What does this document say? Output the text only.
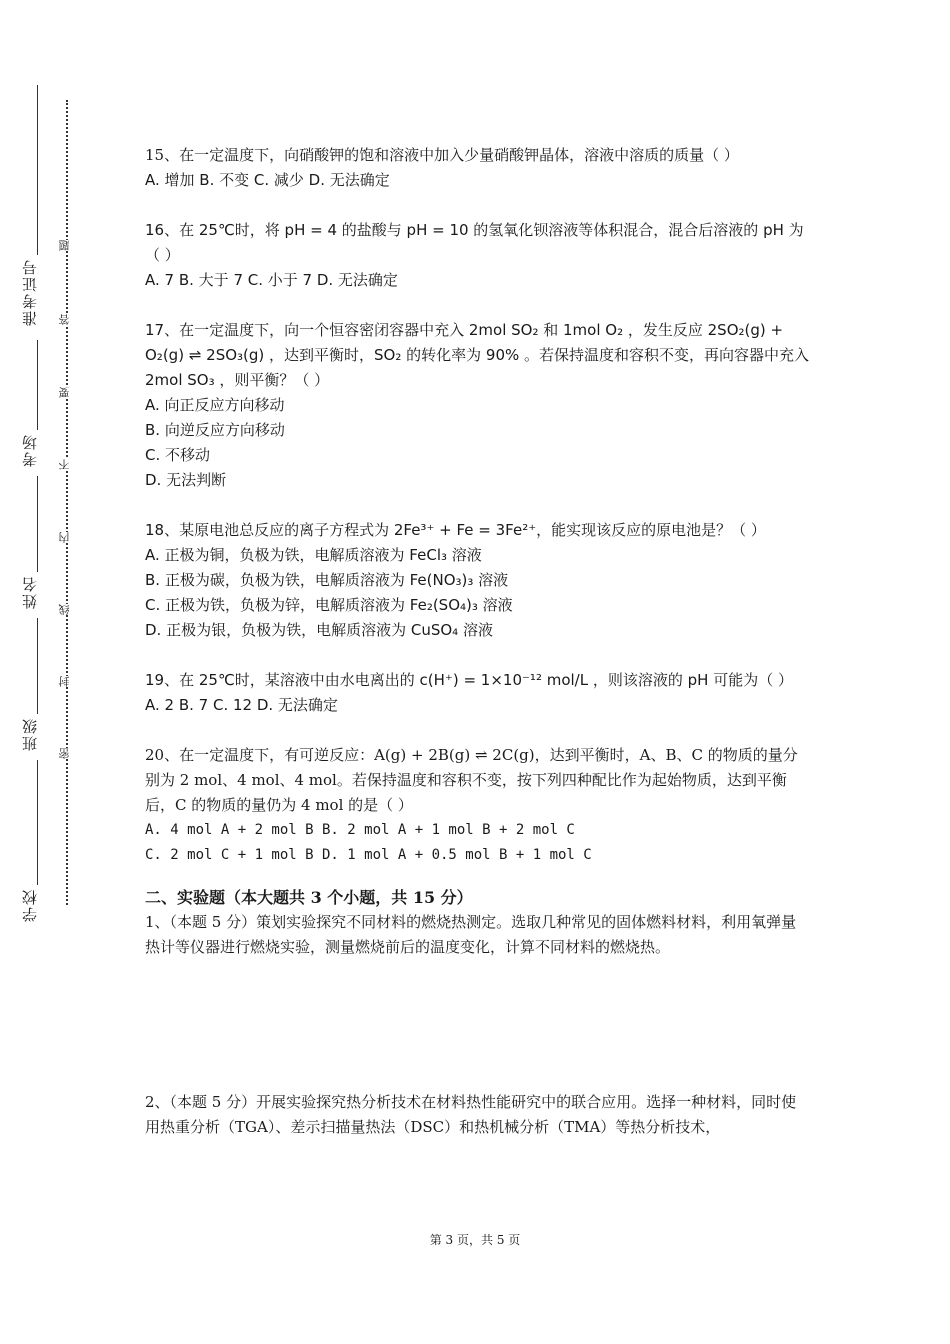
准考证号
考场
姓名
班级
学校
题
答
要
不
内
线
封
密

15、在一定温度下，向硝酸钾的饱和溶液中加入少量硝酸钾晶体，溶液中溶质的质量（ ）

A. 增加 B. 不变 C. 减少 D. 无法确定

16、在 25℃时，将 pH = 4 的盐酸与 pH = 10 的氢氧化钡溶液等体积混合，混合后溶液的 pH 为（ ）

A. 7 B. 大于 7 C. 小于 7 D. 无法确定

17、在一定温度下，向一个恒容密闭容器中充入 2mol SO₂ 和 1mol O₂ ，发生反应 2SO₂(g) + O₂(g) ⇌ 2SO₃(g) ，达到平衡时，SO₂ 的转化率为 90% 。若保持温度和容积不变，再向容器中充入 2mol SO₃ ，则平衡？（ ）

A. 向正反应方向移动

B. 向逆反应方向移动

C. 不移动

D. 无法判断

18、某原电池总反应的离子方程式为 2Fe³⁺ + Fe = 3Fe²⁺，能实现该反应的原电池是？（ ）

A. 正极为铜，负极为铁，电解质溶液为 FeCl₃ 溶液

B. 正极为碳，负极为铁，电解质溶液为 Fe(NO₃)₃ 溶液

C. 正极为铁，负极为锌，电解质溶液为 Fe₂(SO₄)₃ 溶液

D. 正极为银，负极为铁，电解质溶液为 CuSO₄ 溶液

19、在 25℃时，某溶液中由水电离出的 c(H⁺) = 1×10⁻¹² mol/L ，则该溶液的 pH 可能为（ ）

A. 2 B. 7 C. 12 D. 无法确定

20、在一定温度下，有可逆反应：A(g) + 2B(g) ⇌ 2C(g)，达到平衡时，A、B、C 的物质的量分别为 2 mol、4 mol、4 mol。若保持温度和容积不变，按下列四种配比作为起始物质，达到平衡后，C 的物质的量仍为 4 mol 的是（ ）

A. 4 mol A + 2 mol B B. 2 mol A + 1 mol B + 2 mol C

C. 2 mol C + 1 mol B D. 1 mol A + 0.5 mol B + 1 mol C

二、实验题（本大题共 3 个小题，共 15 分）

1、（本题 5 分）策划实验探究不同材料的燃烧热测定。选取几种常见的固体燃料材料，利用氧弹量热计等仪器进行燃烧实验，测量燃烧前后的温度变化，计算不同材料的燃烧热。

2、（本题 5 分）开展实验探究热分析技术在材料热性能研究中的联合应用。选择一种材料，同时使用热重分析（TGA）、差示扫描量热法（DSC）和热机械分析（TMA）等热分析技术，

第 3 页，共 5 页
